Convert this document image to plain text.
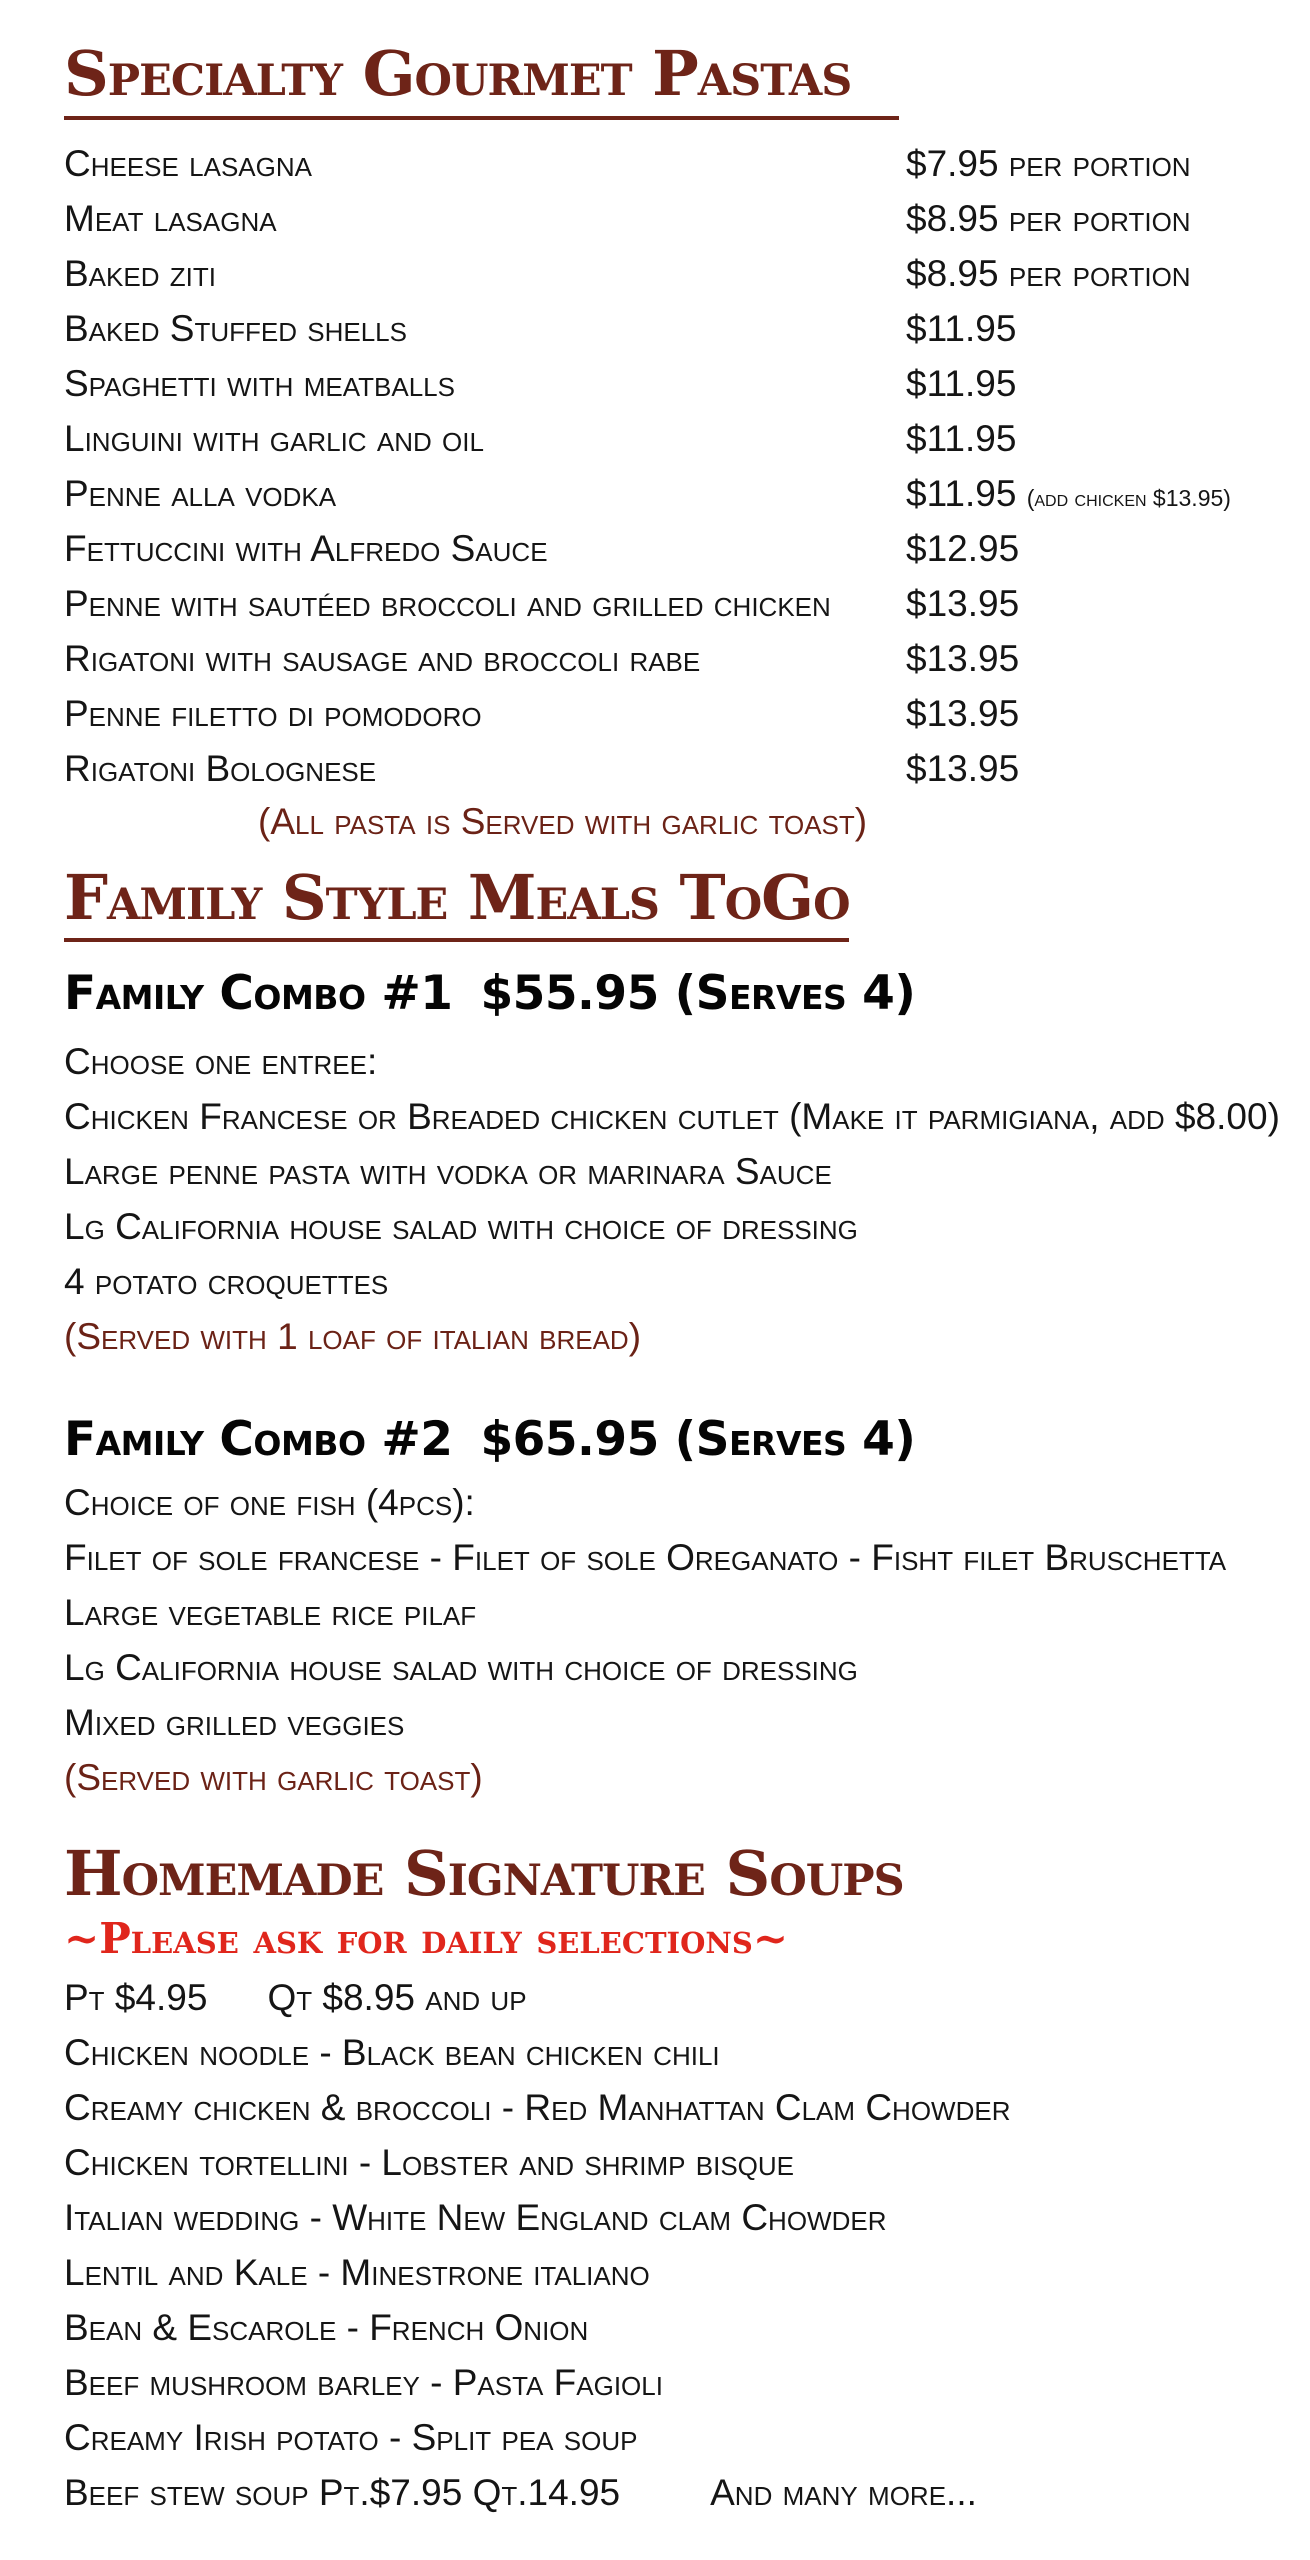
Specialty Gourmet Pastas
Cheese lasagna	$7.95 per portion
Meat lasagna	$8.95 per portion
Baked ziti	$8.95 per portion
Baked Stuffed shells	$11.95
Spaghetti with meatballs	$11.95
Linguini with garlic and oil	$11.95
Penne alla vodka	$11.95 (add chicken $13.95)
Fettuccini with Alfredo Sauce	$12.95
Penne with sautéed broccoli and grilled chicken $13.95
Rigatoni with sausage and broccoli rabe	$13.95
Penne filetto di pomodoro	$13.95
Rigatoni Bolognese	$13.95
(All pasta is Served with garlic toast)
Family Style Meals ToGo
Family Combo #1 $55.95 (Serves 4)
Choose one entree:
Chicken Francese or Breaded chicken cutlet (Make it parmigiana, add $8.00)
Large penne pasta with vodka or marinara Sauce
Lg California house salad with choice of dressing
4 potato croquettes
(Served with 1 loaf of italian bread)
Family Combo #2 $65.95 (Serves 4)
Choice of one fish (4pcs):
Filet of sole francese - Filet of sole Oreganato - Fisht filet Bruschetta
Large vegetable rice pilaf
Lg California house salad with choice of dressing
Mixed grilled veggies
(Served with garlic toast)
Homemade Signature Soups
~Please ask for daily selections~
Pt $4.95 Qt $8.95 and up
Chicken noodle - Black bean chicken chili
Creamy chicken & broccoli - Red Manhattan Clam Chowder
Chicken tortellini - Lobster and shrimp bisque
Italian wedding - White New England clam Chowder
Lentil and Kale - Minestrone italiano
Bean & Escarole - French Onion
Beef mushroom barley - Pasta Fagioli
Creamy Irish potato - Split pea soup
Beef stew soup Pt.$7.95 Qt.14.95 And many more...
